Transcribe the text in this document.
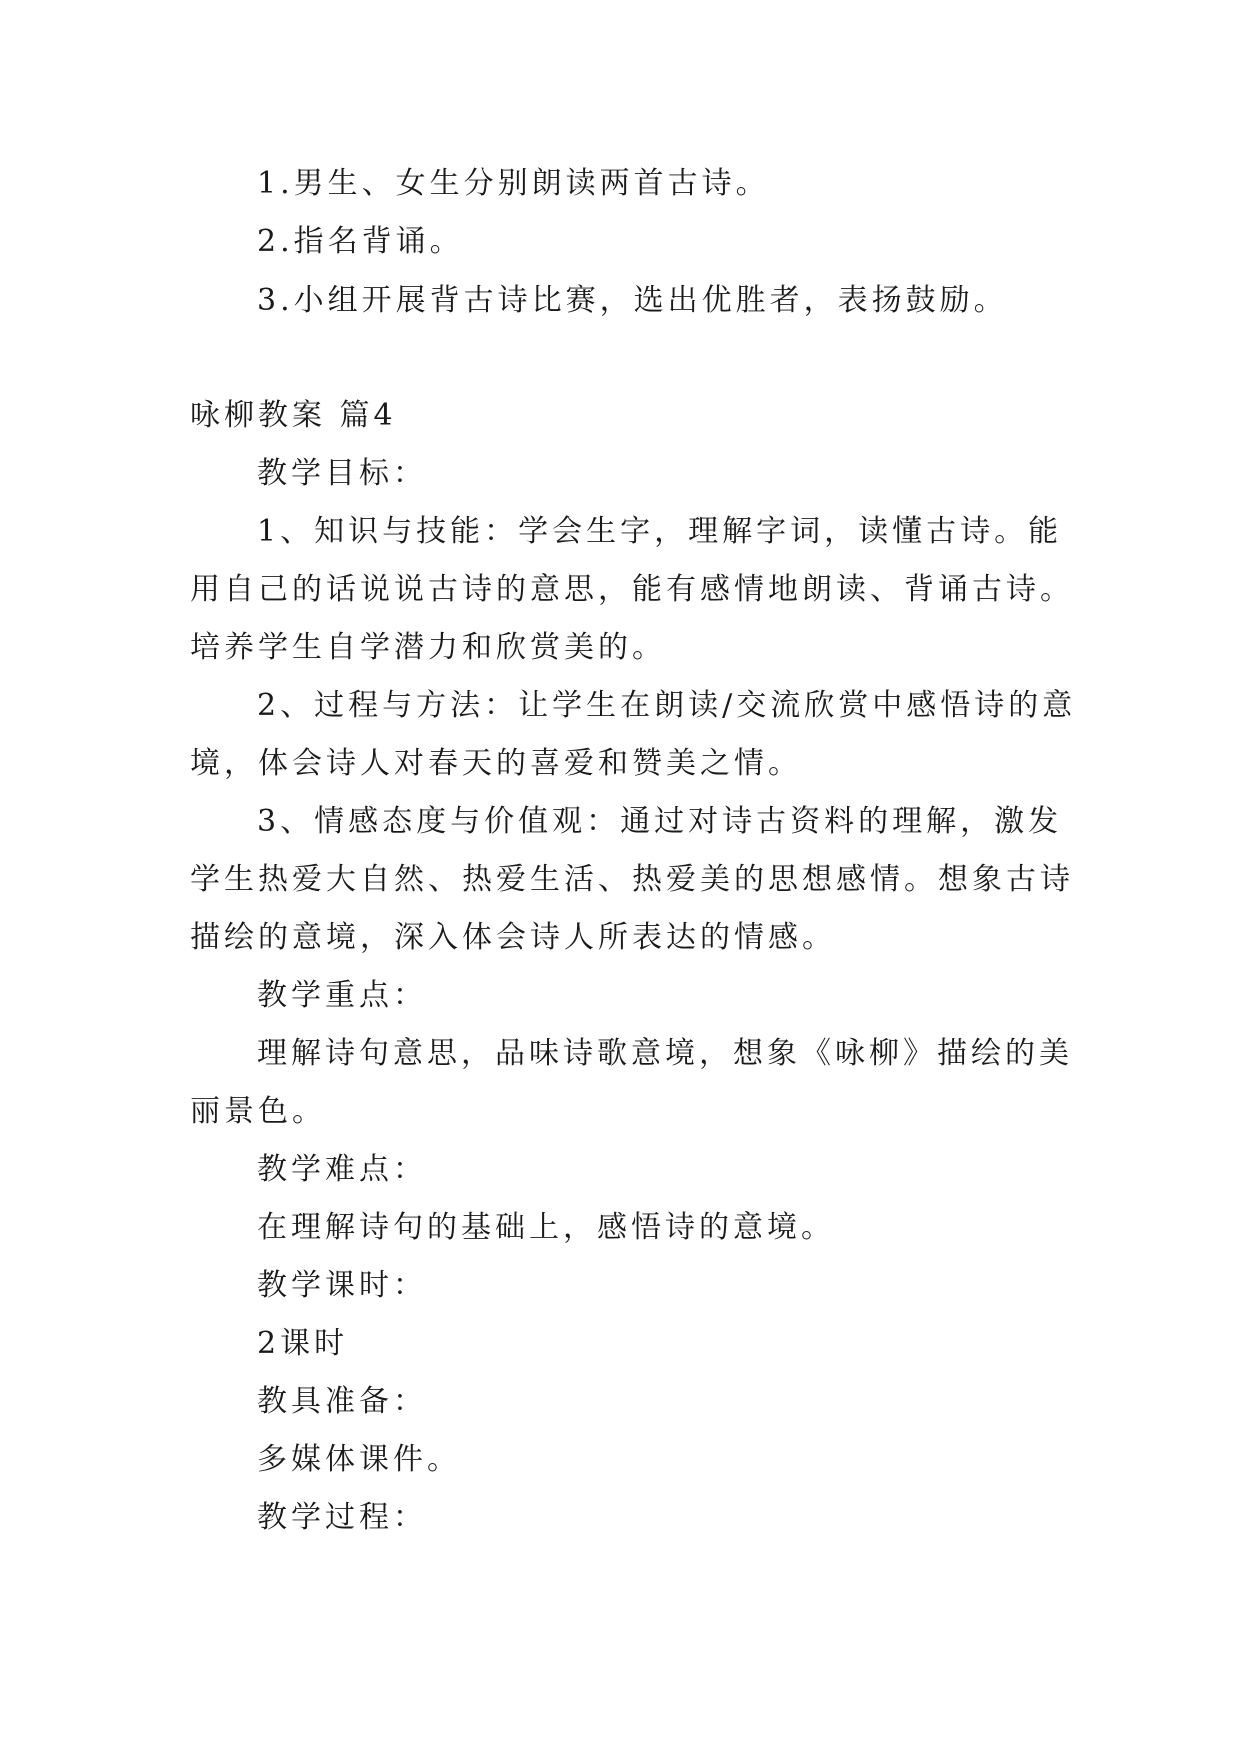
1.男生、女生分别朗读两首古诗。
2.指名背诵。
3.小组开展背古诗比赛，选出优胜者，表扬鼓励。
咏柳教案 篇4
教学目标：
1、知识与技能：学会生字，理解字词，读懂古诗。能
用自己的话说说古诗的意思，能有感情地朗读、背诵古诗。
培养学生自学潜力和欣赏美的。
2、过程与方法：让学生在朗读/交流欣赏中感悟诗的意
境，体会诗人对春天的喜爱和赞美之情。
3、情感态度与价值观：通过对诗古资料的理解，激发
学生热爱大自然、热爱生活、热爱美的思想感情。想象古诗
描绘的意境，深入体会诗人所表达的情感。
教学重点：
理解诗句意思，品味诗歌意境，想象《咏柳》描绘的美
丽景色。
教学难点：
在理解诗句的基础上，感悟诗的意境。
教学课时：
2课时
教具准备：
多媒体课件。
教学过程：
